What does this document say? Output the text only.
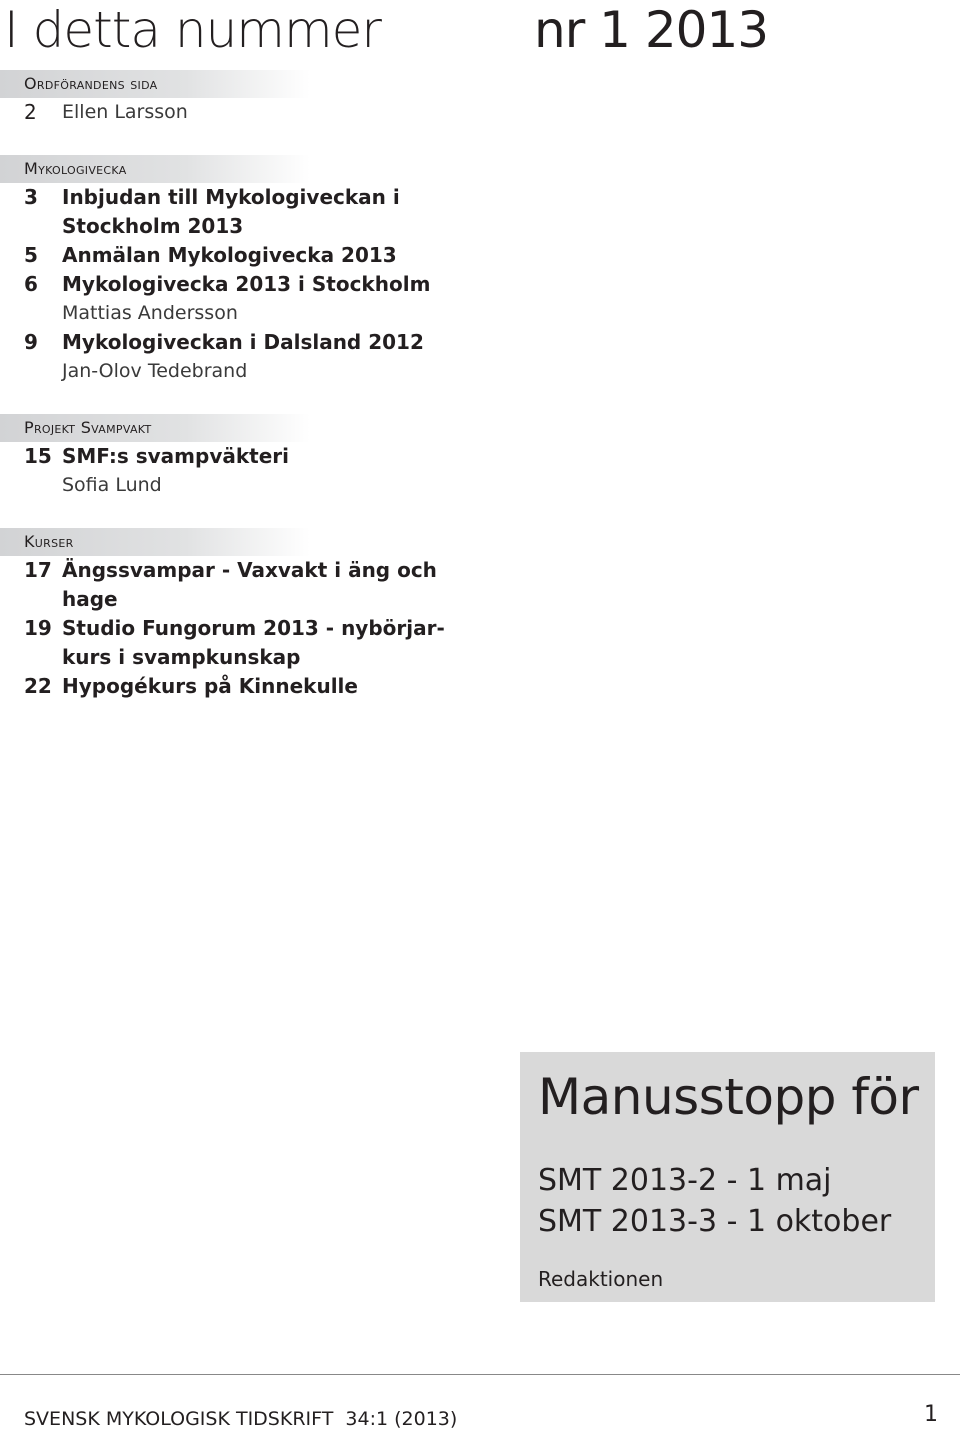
I detta nummer	nr 1 2013
Ordförandens sida
2	Ellen Larsson
Mykologivecka
3	Inbjudan till Mykologiveckan i Stockholm 2013
5	Anmälan Mykologivecka 2013
6	Mykologivecka 2013 i Stockholm
Mattias Andersson
9	Mykologiveckan i Dalsland 2012
Jan-Olov Tedebrand
Projekt Svampvakt
15 SMF:s svampväkteri
Sofia Lund
Kurser
17 Ängssvampar - Vaxvakt i äng och hage
19 Studio Fungorum 2013 - nybörjar-kurs i svampkunskap
22 Hypogékurs på Kinnekulle
Manusstopp för
SMT 2013-2 - 1 maj
SMT 2013-3 - 1 oktober
Redaktionen
SVENSK MYKOLOGISK TIDSKRIFT 34:1 (2013)	1
